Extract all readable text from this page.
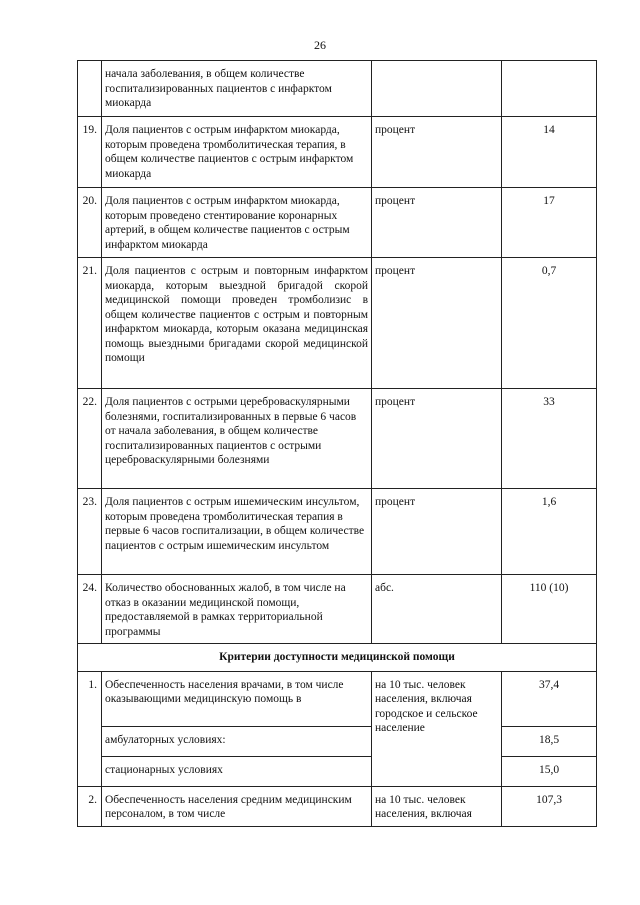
26
	начала заболевания, в общем количестве госпитализированных пациентов с инфарктом миокарда		
19.	Доля пациентов с острым инфарктом миокарда, которым проведена тромболитическая терапия, в общем количестве пациентов с острым инфарктом миокарда	процент	14
20.	Доля пациентов с острым инфарктом миокарда, которым проведено стентирование коронарных артерий, в общем количестве пациентов с острым инфарктом миокарда	процент	17
21.	Доля пациентов с острым и повторным инфарктом миокарда, которым выездной бригадой скорой медицинской помощи проведен тромболизис в общем количестве пациентов с острым и повторным инфарктом миокарда, которым оказана медицинская помощь выездными бригадами скорой медицинской помощи	процент	0,7
22.	Доля пациентов с острыми цереброваскулярными болезнями, госпитализированных в первые 6 часов от начала заболевания, в общем количестве госпитализированных пациентов с острыми цереброваскулярными болезнями	процент	33
23.	Доля пациентов с острым ишемическим инсультом, которым проведена тромболитическая терапия в первые 6 часов госпитализации, в общем количестве пациентов с острым ишемическим инсультом	процент	1,6
24.	Количество обоснованных жалоб, в том числе на отказ в оказании медицинской помощи, предоставляемой в рамках территориальной программы	абс.	110 (10)
Критерии доступности медицинской помощи			
1.	Обеспеченность населения врачами, в том числе оказывающими медицинскую помощь в	на 10 тыс. человек населения, включая городское и сельское население	37,4
	амбулаторных условиях:		18,5
	стационарных условиях		15,0
2.	Обеспеченность населения средним медицинским персоналом, в том числе	на 10 тыс. человек населения, включая	107,3
